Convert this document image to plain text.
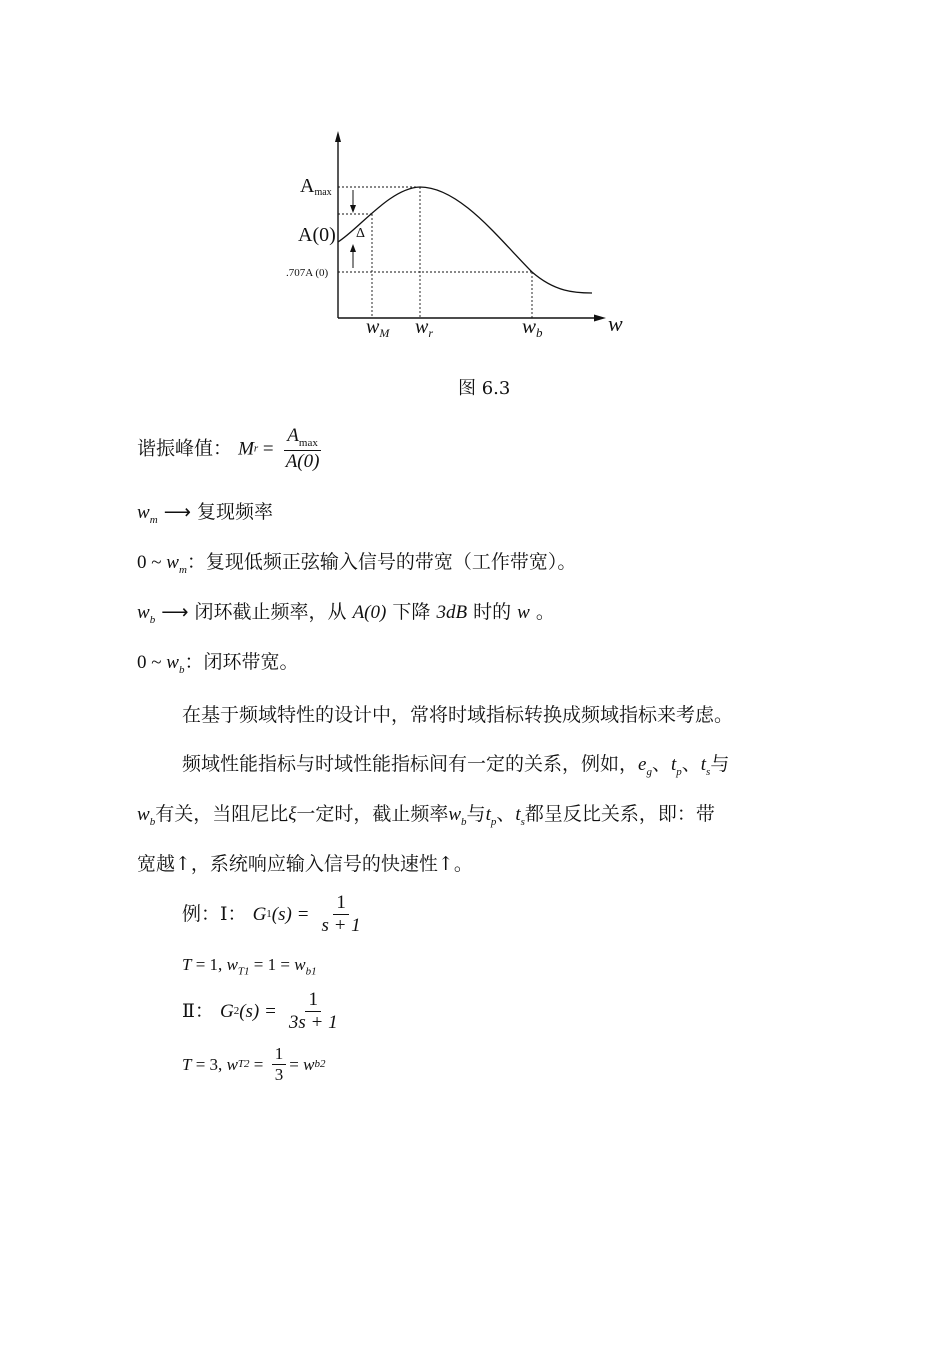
Amax
A(0) Δ
.707A (0)
$w_M$ $w_r$	wb	w
图 6.3
谐振峰值： $Mr = \frac{A_{max}}{A(0)}$
$w_m$ ⟶ 复现频率
0 ~ $w_m$：复现低频正弦输入信号的带宽（工作带宽）。
$w_b$ ⟶ 闭环截止频率，从 A(0) 下降 3dB 时的 w 。
0 ~ $w_b$：闭环带宽。
在基于频域特性的设计中，常将时域指标转换成频域指标来考虑。
频域性能指标与时域性能指标间有一定的关系，例如，$e_g$、$t_p$、$t_s$与
$w_b$有关，当阻尼比ξ一定时，截止频率$w_b$与$t_p$、$t_s$都呈反比关系，即：带
宽越↑，系统响应输入信号的快速性↑。
例：Ⅰ： $G1(s) = \frac{1}{s + 1}$
T = 1, $w_{T1} = 1 = w_{b1}$
Ⅱ： $G2(s) = \frac{1}{3s + 1}$
T = 3, $wT2 = \frac{1}{3} = wb2$
